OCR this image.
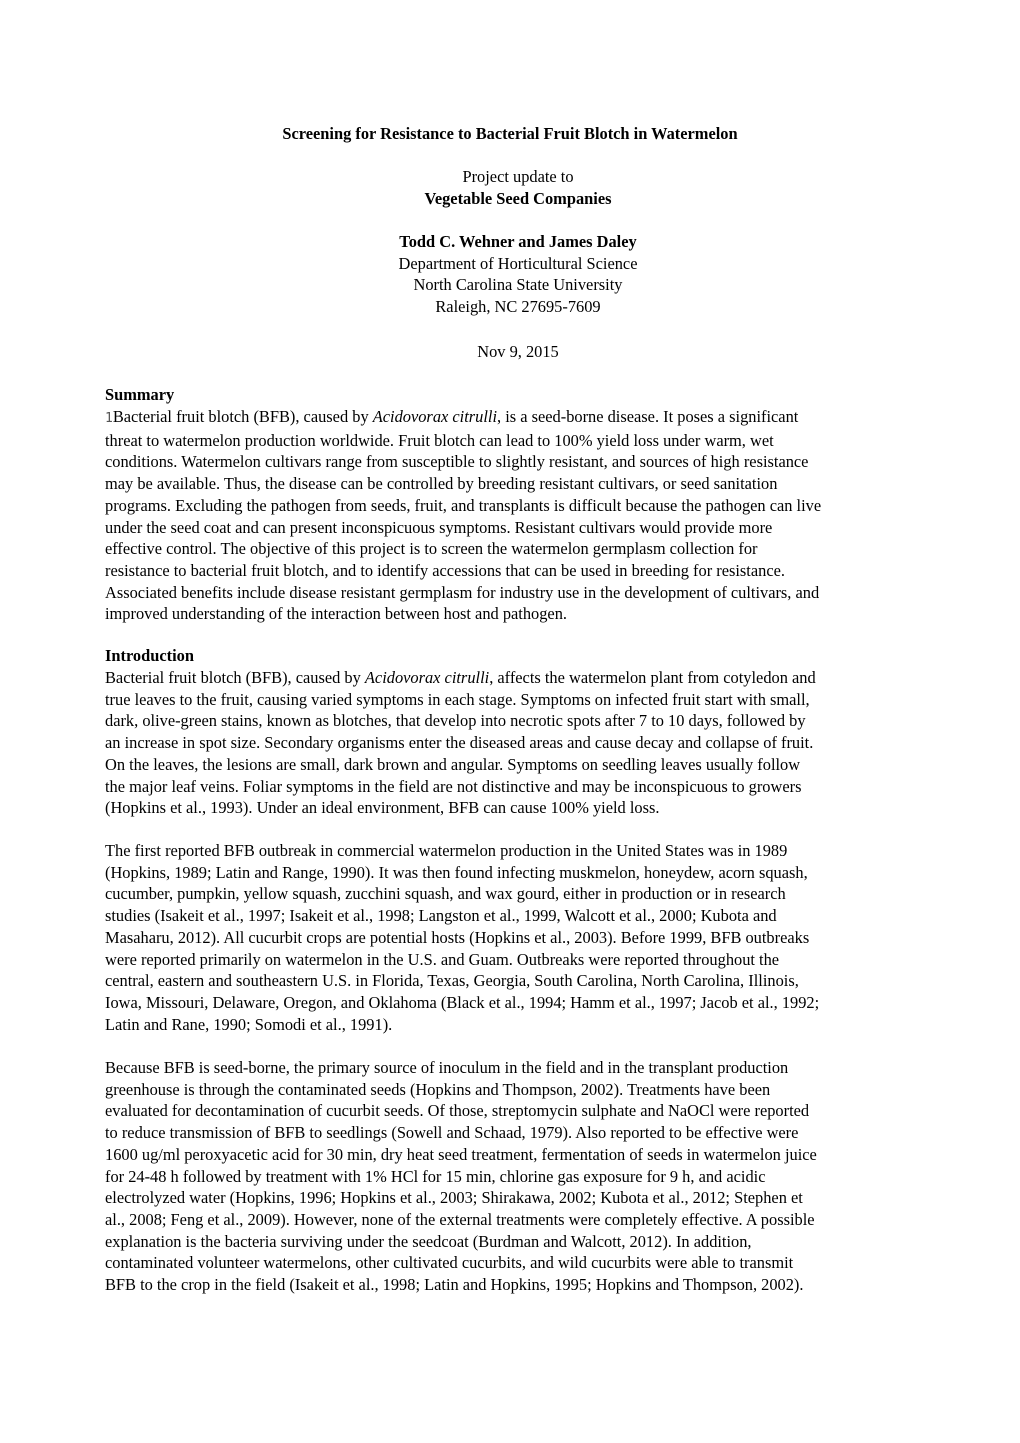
Screening for Resistance to Bacterial Fruit Blotch in Watermelon
Project update to
Vegetable Seed Companies
Todd C. Wehner and James Daley
Department of Horticultural Science
North Carolina State University
Raleigh, NC 27695-7609
Nov 9, 2015
Summary
1Bacterial fruit blotch (BFB), caused by Acidovorax citrulli, is a seed-borne disease. It poses a significant
threat to watermelon production worldwide. Fruit blotch can lead to 100% yield loss under warm, wet
conditions. Watermelon cultivars range from susceptible to slightly resistant, and sources of high resistance
may be available. Thus, the disease can be controlled by breeding resistant cultivars, or seed sanitation
programs. Excluding the pathogen from seeds, fruit, and transplants is difficult because the pathogen can live
under the seed coat and can present inconspicuous symptoms. Resistant cultivars would provide more
effective control. The objective of this project is to screen the watermelon germplasm collection for
resistance to bacterial fruit blotch, and to identify accessions that can be used in breeding for resistance.
Associated benefits include disease resistant germplasm for industry use in the development of cultivars, and
improved understanding of the interaction between host and pathogen.
Introduction
Bacterial fruit blotch (BFB), caused by Acidovorax citrulli, affects the watermelon plant from cotyledon and
true leaves to the fruit, causing varied symptoms in each stage. Symptoms on infected fruit start with small,
dark, olive-green stains, known as blotches, that develop into necrotic spots after 7 to 10 days, followed by
an increase in spot size. Secondary organisms enter the diseased areas and cause decay and collapse of fruit.
On the leaves, the lesions are small, dark brown and angular. Symptoms on seedling leaves usually follow
the major leaf veins. Foliar symptoms in the field are not distinctive and may be inconspicuous to growers
(Hopkins et al., 1993). Under an ideal environment, BFB can cause 100% yield loss.
The first reported BFB outbreak in commercial watermelon production in the United States was in 1989
(Hopkins, 1989; Latin and Range, 1990). It was then found infecting muskmelon, honeydew, acorn squash,
cucumber, pumpkin, yellow squash, zucchini squash, and wax gourd, either in production or in research
studies (Isakeit et al., 1997; Isakeit et al., 1998; Langston et al., 1999, Walcott et al., 2000; Kubota and
Masaharu, 2012). All cucurbit crops are potential hosts (Hopkins et al., 2003). Before 1999, BFB outbreaks
were reported primarily on watermelon in the U.S. and Guam. Outbreaks were reported throughout the
central, eastern and southeastern U.S. in Florida, Texas, Georgia, South Carolina, North Carolina, Illinois,
Iowa, Missouri, Delaware, Oregon, and Oklahoma (Black et al., 1994; Hamm et al., 1997; Jacob et al., 1992;
Latin and Rane, 1990; Somodi et al., 1991).
Because BFB is seed-borne, the primary source of inoculum in the field and in the transplant production
greenhouse is through the contaminated seeds (Hopkins and Thompson, 2002). Treatments have been
evaluated for decontamination of cucurbit seeds. Of those, streptomycin sulphate and NaOCl were reported
to reduce transmission of BFB to seedlings (Sowell and Schaad, 1979). Also reported to be effective were
1600 ug/ml peroxyacetic acid for 30 min, dry heat seed treatment, fermentation of seeds in watermelon juice
for 24-48 h followed by treatment with 1% HCl for 15 min, chlorine gas exposure for 9 h, and acidic
electrolyzed water (Hopkins, 1996; Hopkins et al., 2003; Shirakawa, 2002; Kubota et al., 2012; Stephen et
al., 2008; Feng et al., 2009). However, none of the external treatments were completely effective. A possible
explanation is the bacteria surviving under the seedcoat (Burdman and Walcott, 2012). In addition,
contaminated volunteer watermelons, other cultivated cucurbits, and wild cucurbits were able to transmit
BFB to the crop in the field (Isakeit et al., 1998; Latin and Hopkins, 1995; Hopkins and Thompson, 2002).
